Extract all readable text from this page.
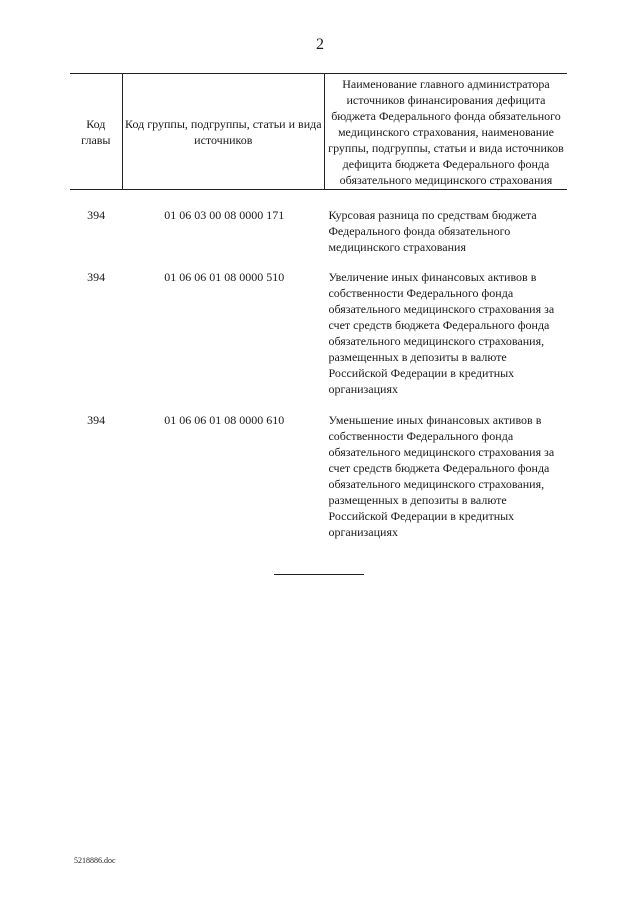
2
Код главы	Код группы, подгруппы, статьи и вида источников	Наименование главного администратора источников финансирования дефицита бюджета Федерального фонда обязательного медицинского страхования, наименование группы, подгруппы, статьи и вида источников дефицита бюджета Федерального фонда обязательного медицинского страхования
394	01 06 03 00 08 0000 171	Курсовая разница по средствам бюджета Федерального фонда обязательного медицинского страхования
394	01 06 06 01 08 0000 510	Увеличение иных финансовых активов в собственности Федерального фонда обязательного медицинского страхования за счет средств бюджета Федерального фонда обязательного медицинского страхования, размещенных в депозиты в валюте Российской Федерации в кредитных организациях
394	01 06 06 01 08 0000 610	Уменьшение иных финансовых активов в собственности Федерального фонда обязательного медицинского страхования за счет средств бюджета Федерального фонда обязательного медицинского страхования, размещенных в депозиты в валюте Российской Федерации в кредитных организациях
5218886.doc
